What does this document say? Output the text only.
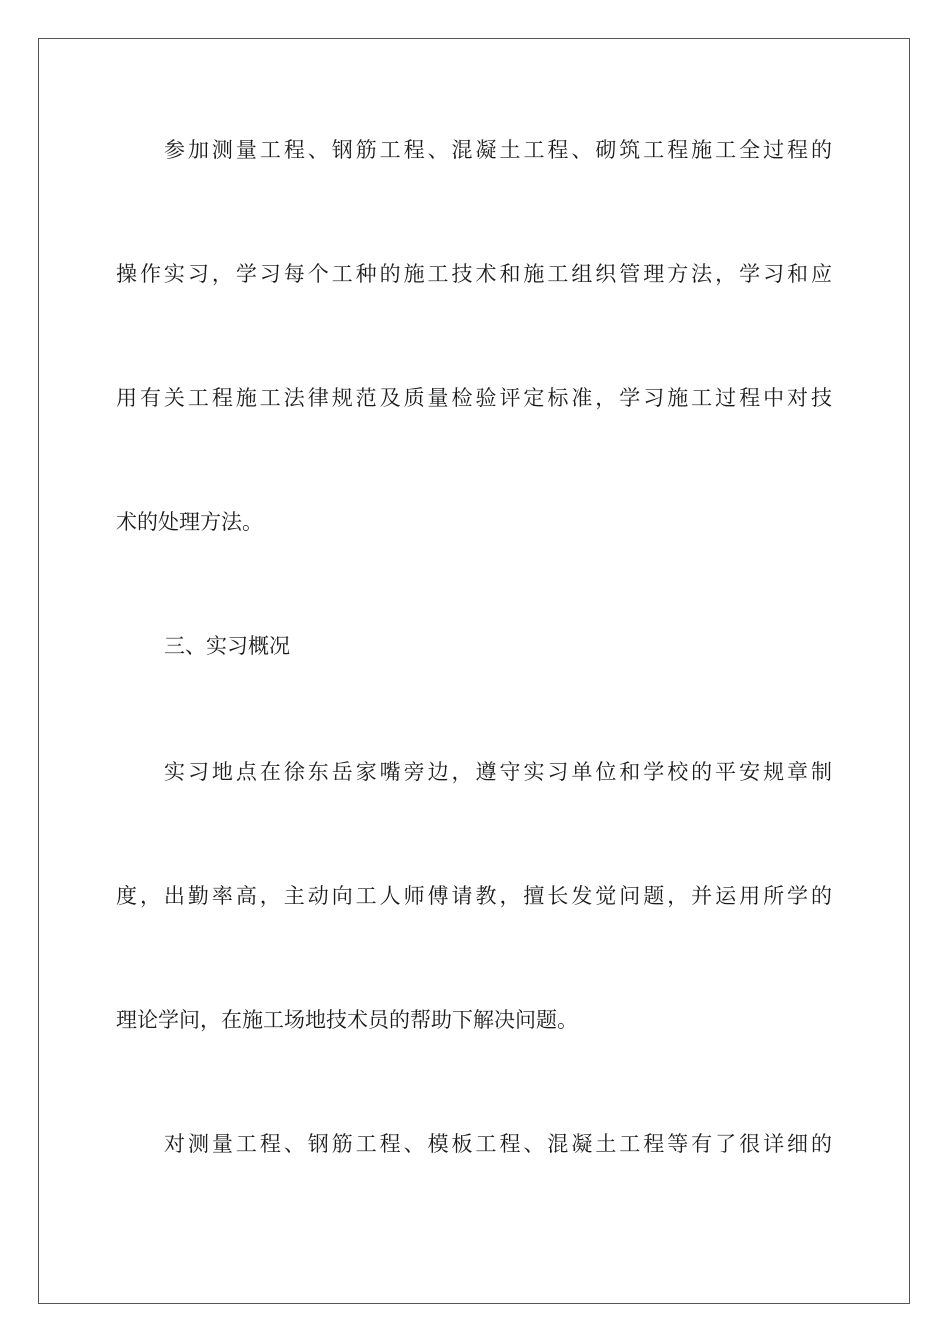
参加测量工程、钢筋工程、混凝土工程、砌筑工程施工全过程的
操作实习，学习每个工种的施工技术和施工组织管理方法，学习和应
用有关工程施工法律规范及质量检验评定标准，学习施工过程中对技
术的处理方法。
三、实习概况
实习地点在徐东岳家嘴旁边，遵守实习单位和学校的平安规章制
度，出勤率高，主动向工人师傅请教，擅长发觉问题，并运用所学的
理论学问，在施工场地技术员的帮助下解决问题。
对测量工程、钢筋工程、模板工程、混凝土工程等有了很详细的
